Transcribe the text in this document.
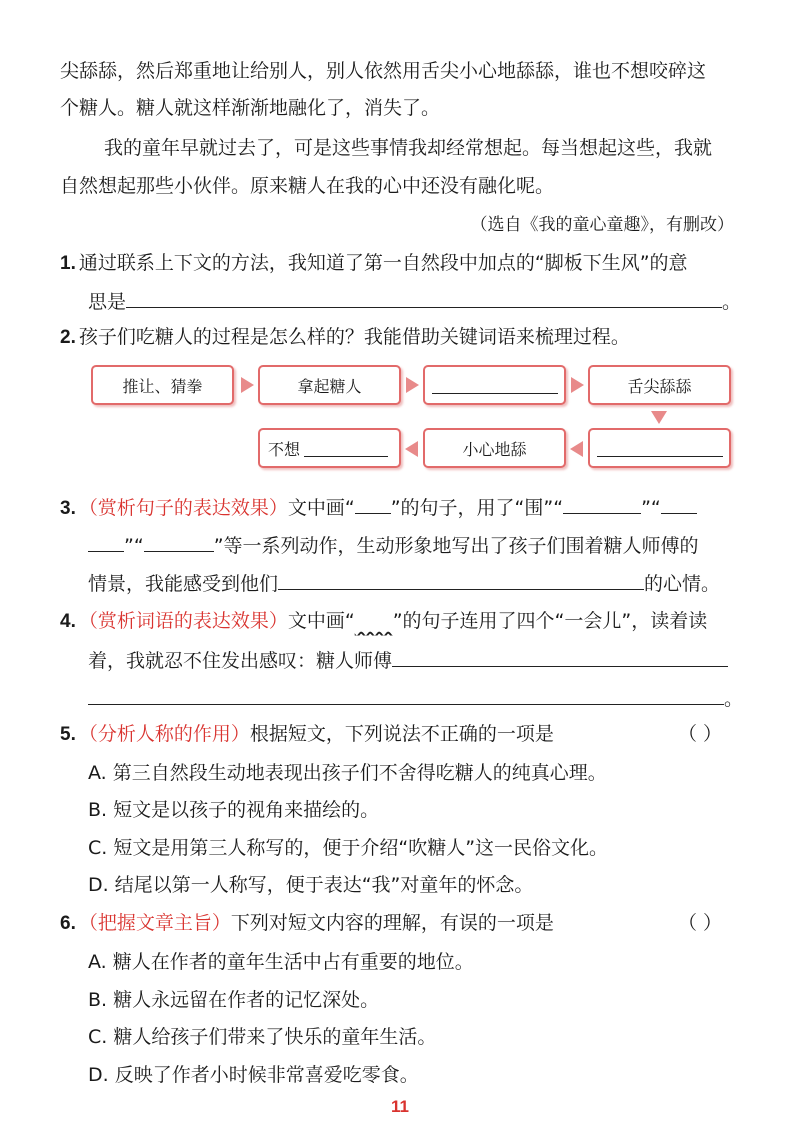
尖舔舔，然后郑重地让给别人，别人依然用舌尖小心地舔舔，谁也不想咬碎这
个糖人。糖人就这样渐渐地融化了，消失了。
我的童年早就过去了，可是这些事情我却经常想起。每当想起这些，我就
自然想起那些小伙伴。原来糖人在我的心中还没有融化呢。
（选自《我的童心童趣》，有删改）
1. 通过联系上下文的方法，我知道了第一自然段中加点的“脚板下生风”的意
思是	。
2. 孩子们吃糖人的过程是怎么样的？我能借助关键词语来梳理过程。
推让、猜拳	拿起糖人	舌尖舔舔
小心地舔
不想
3. （赏析句子的表达效果）文中画“ ”的句子，用了“围”“	”“
”“	”等一系列动作，生动形象地写出了孩子们围着糖人师傅的
情景，我能感受到他们	的心情。
4. （赏析词语的表达效果）文中画“   ”的句子连用了四个“一会儿”，读着读
着，我就忍不住发出感叹：糖人师傅
。
5. （分析人称的作用）根据短文，下列说法不正确的一项是	（ ）
A. 第三自然段生动地表现出孩子们不舍得吃糖人的纯真心理。
B. 短文是以孩子的视角来描绘的。
C. 短文是用第三人称写的，便于介绍“吹糖人”这一民俗文化。
D. 结尾以第一人称写，便于表达“我”对童年的怀念。
6. （把握文章主旨）下列对短文内容的理解，有误的一项是	（ ）
A. 糖人在作者的童年生活中占有重要的地位。
B. 糖人永远留在作者的记忆深处。
C. 糖人给孩子们带来了快乐的童年生活。
D. 反映了作者小时候非常喜爱吃零食。
11
